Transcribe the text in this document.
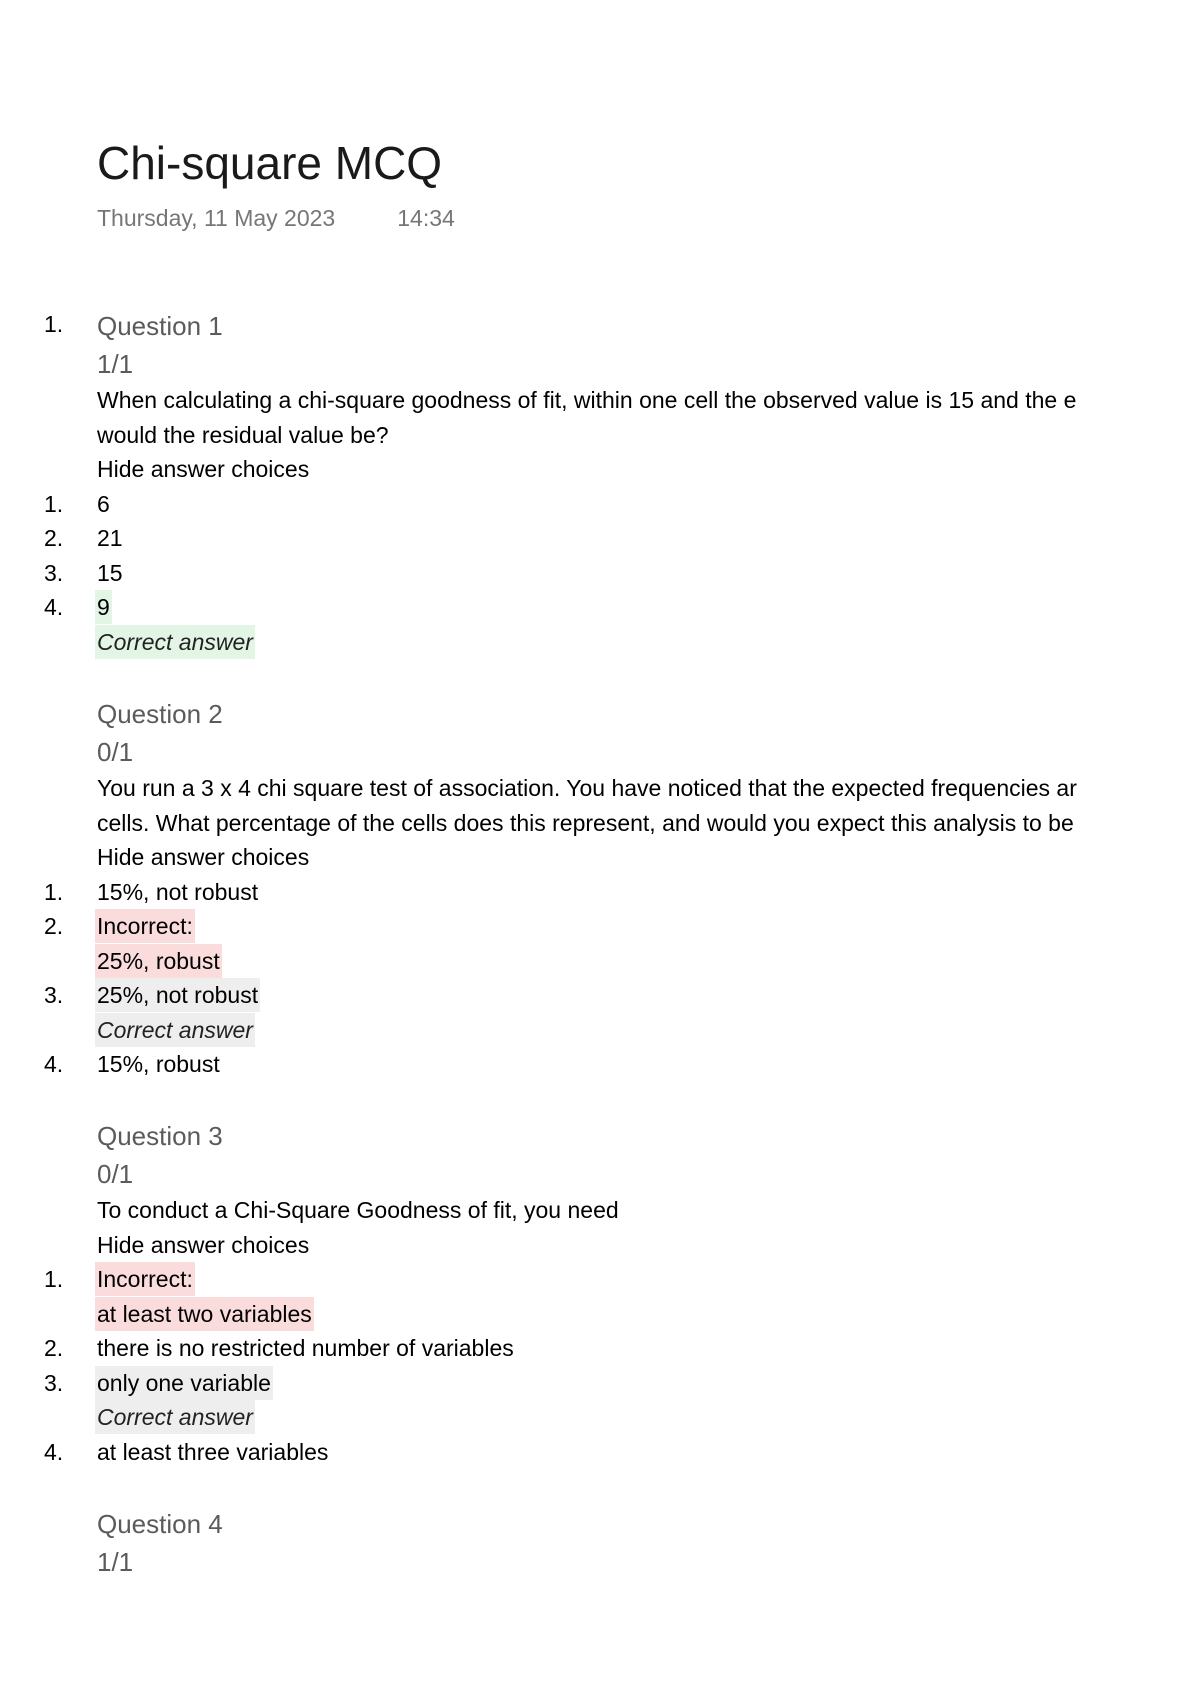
Chi-square MCQ
Thursday, 11 May 2023	14:34
1. Question 1
1/1
When calculating a chi-square goodness of fit, within one cell the observed value is 15 and the e
would the residual value be?
Hide answer choices
1. 6
2. 21
3. 15
4. 9
Correct answer
Question 2
0/1
You run a 3 x 4 chi square test of association. You have noticed that the expected frequencies ar
cells. What percentage of the cells does this represent, and would you expect this analysis to be
Hide answer choices
1. 15%, not robust
2. Incorrect:
25%, robust
3. 25%, not robust
Correct answer
4. 15%, robust
Question 3
0/1
To conduct a Chi-Square Goodness of fit, you need
Hide answer choices
1. Incorrect:
at least two variables
2. there is no restricted number of variables
3. only one variable
Correct answer
4. at least three variables
Question 4
1/1
